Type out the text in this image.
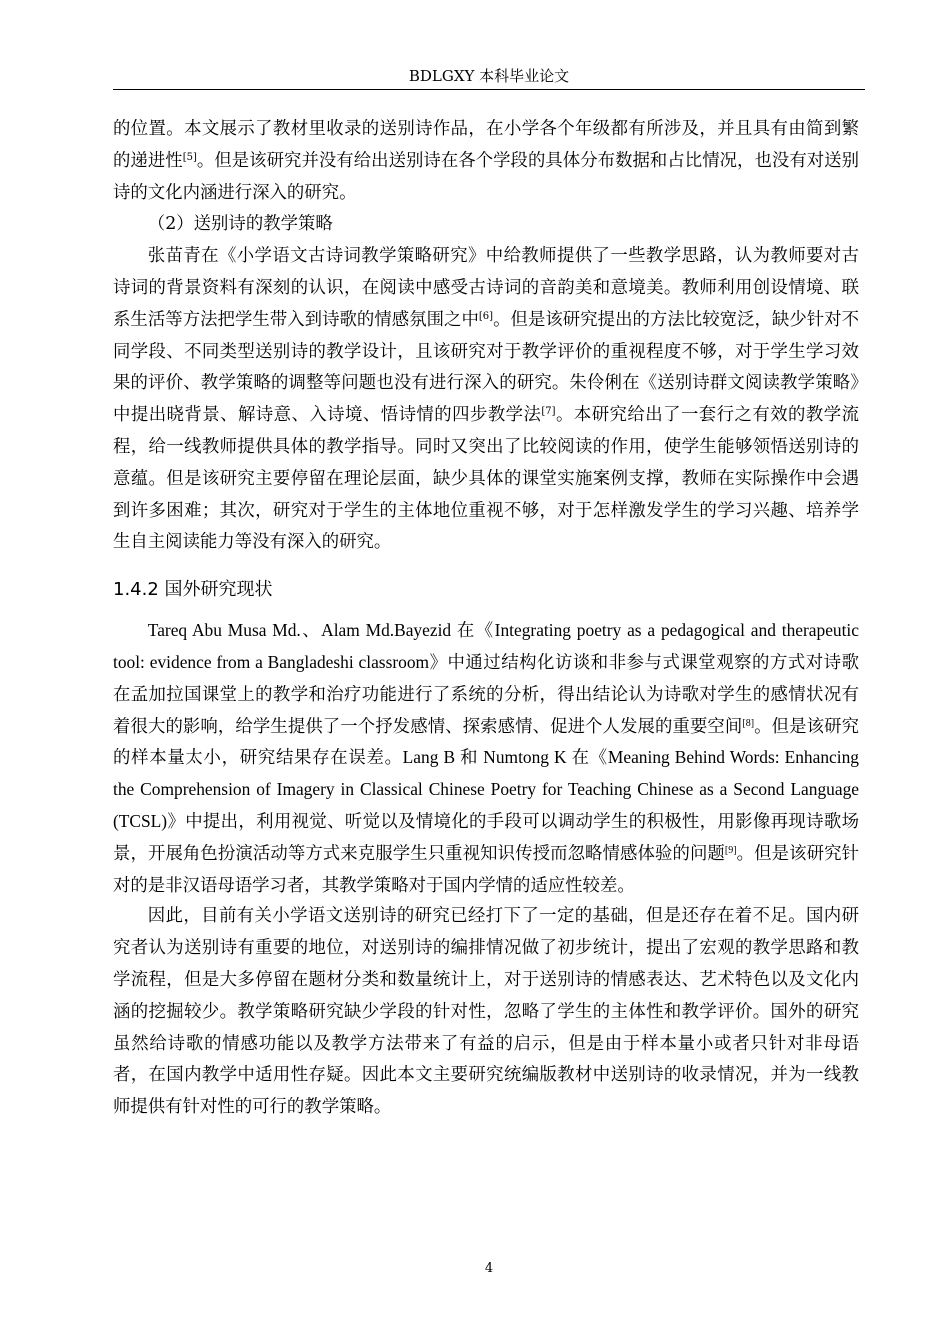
BDLGXY 本科毕业论文

的位置。本文展示了教材里收录的送别诗作品，在小学各个年级都有所涉及，并且具有由简到繁的递进性[5]。但是该研究并没有给出送别诗在各个学段的具体分布数据和占比情况，也没有对送别诗的文化内涵进行深入的研究。

（2）送别诗的教学策略

张苗青在《小学语文古诗词教学策略研究》中给教师提供了一些教学思路，认为教师要对古诗词的背景资料有深刻的认识，在阅读中感受古诗词的音韵美和意境美。教师利用创设情境、联系生活等方法把学生带入到诗歌的情感氛围之中[6]。但是该研究提出的方法比较宽泛，缺少针对不同学段、不同类型送别诗的教学设计，且该研究对于教学评价的重视程度不够，对于学生学习效果的评价、教学策略的调整等问题也没有进行深入的研究。朱伶俐在《送别诗群文阅读教学策略》中提出晓背景、解诗意、入诗境、悟诗情的四步教学法[7]。本研究给出了一套行之有效的教学流程，给一线教师提供具体的教学指导。同时又突出了比较阅读的作用，使学生能够领悟送别诗的意蕴。但是该研究主要停留在理论层面，缺少具体的课堂实施案例支撑，教师在实际操作中会遇到许多困难；其次，研究对于学生的主体地位重视不够，对于怎样激发学生的学习兴趣、培养学生自主阅读能力等没有深入的研究。

1.4.2 国外研究现状

Tareq Abu Musa Md.、Alam Md.Bayezid 在《Integrating poetry as a pedagogical and therapeutic tool: evidence from a Bangladeshi classroom》中通过结构化访谈和非参与式课堂观察的方式对诗歌在孟加拉国课堂上的教学和治疗功能进行了系统的分析，得出结论认为诗歌对学生的感情状况有着很大的影响，给学生提供了一个抒发感情、探索感情、促进个人发展的重要空间[8]。但是该研究的样本量太小，研究结果存在误差。Lang B 和 Numtong K 在《Meaning Behind Words: Enhancing the Comprehension of Imagery in Classical Chinese Poetry for Teaching Chinese as a Second Language (TCSL)》中提出，利用视觉、听觉以及情境化的手段可以调动学生的积极性，用影像再现诗歌场景，开展角色扮演活动等方式来克服学生只重视知识传授而忽略情感体验的问题[9]。但是该研究针对的是非汉语母语学习者，其教学策略对于国内学情的适应性较差。

因此，目前有关小学语文送别诗的研究已经打下了一定的基础，但是还存在着不足。国内研究者认为送别诗有重要的地位，对送别诗的编排情况做了初步统计，提出了宏观的教学思路和教学流程，但是大多停留在题材分类和数量统计上，对于送别诗的情感表达、艺术特色以及文化内涵的挖掘较少。教学策略研究缺少学段的针对性，忽略了学生的主体性和教学评价。国外的研究虽然给诗歌的情感功能以及教学方法带来了有益的启示，但是由于样本量小或者只针对非母语者，在国内教学中适用性存疑。因此本文主要研究统编版教材中送别诗的收录情况，并为一线教师提供有针对性的可行的教学策略。

4
